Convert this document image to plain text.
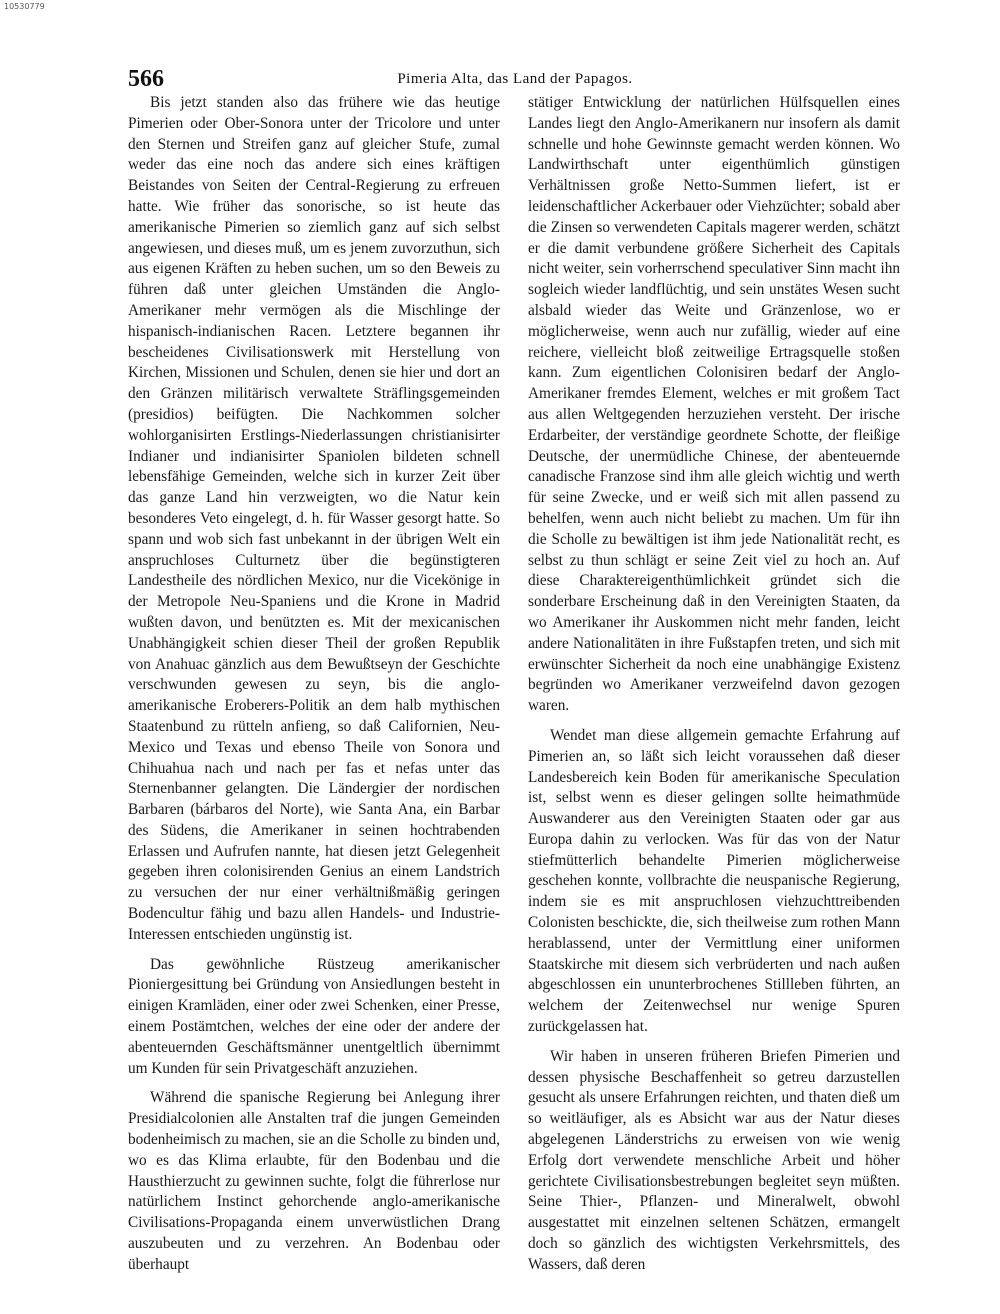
10530779
566	Pimeria Alta, das Land der Papagos.

Bis jetzt standen also das frühere wie das heutige Pimerien oder Ober-Sonora unter der Tricolore und unter den Sternen und Streifen ganz auf gleicher Stufe, zumal weder das eine noch das andere sich eines kräftigen Beistandes von Seiten der Central-Regierung zu erfreuen hatte. Wie früher das sonorische, so ist heute das amerikanische Pimerien so ziemlich ganz auf sich selbst angewiesen, und dieses muß, um es jenem zuvorzuthun, sich aus eigenen Kräften zu heben suchen, um so den Beweis zu führen daß unter gleichen Umständen die Anglo-Amerikaner mehr vermögen als die Mischlinge der hispanisch-indianischen Racen. Letztere begannen ihr bescheidenes Civilisationswerk mit Herstellung von Kirchen, Missionen und Schulen, denen sie hier und dort an den Gränzen militärisch verwaltete Sträflingsgemeinden (presidios) beifügten. Die Nachkommen solcher wohlorganisirten Erstlings-Niederlassungen christianisirter Indianer und indianisirter Spaniolen bildeten schnell lebensfähige Gemeinden, welche sich in kurzer Zeit über das ganze Land hin verzweigten, wo die Natur kein besonderes Veto eingelegt, d. h. für Wasser gesorgt hatte. So spann und wob sich fast unbekannt in der übrigen Welt ein anspruchloses Culturnetz über die begünstigteren Landestheile des nördlichen Mexico, nur die Vicekönige in der Metropole Neu-Spaniens und die Krone in Madrid wußten davon, und benützten es. Mit der mexicanischen Unabhängigkeit schien dieser Theil der großen Republik von Anahuac gänzlich aus dem Bewußtseyn der Geschichte verschwunden gewesen zu seyn, bis die anglo-amerikanische Eroberers-Politik an dem halb mythischen Staatenbund zu rütteln anfieng, so daß Californien, Neu-Mexico und Texas und ebenso Theile von Sonora und Chihuahua nach und nach per fas et nefas unter das Sternenbanner gelangten. Die Ländergier der nordischen Barbaren (bárbaros del Norte), wie Santa Ana, ein Barbar des Südens, die Amerikaner in seinen hochtrabenden Erlassen und Aufrufen nannte, hat diesen jetzt Gelegenheit gegeben ihren colonisirenden Genius an einem Landstrich zu versuchen der nur einer verhältnißmäßig geringen Bodencultur fähig und bazu allen Handels- und Industrie-Interessen entschieden ungünstig ist.

Das gewöhnliche Rüstzeug amerikanischer Pioniergesittung bei Gründung von Ansiedlungen besteht in einigen Kramläden, einer oder zwei Schenken, einer Presse, einem Postämtchen, welches der eine oder der andere der abenteuernden Geschäftsmänner unentgeltlich übernimmt um Kunden für sein Privatgeschäft anzuziehen.

Während die spanische Regierung bei Anlegung ihrer Presidialcolonien alle Anstalten traf die jungen Gemeinden bodenheimisch zu machen, sie an die Scholle zu binden und, wo es das Klima erlaubte, für den Bodenbau und die Hausthierzucht zu gewinnen suchte, folgt die führerlose nur natürlichem Instinct gehorchende anglo-amerikanische Civilisations-Propaganda einem unverwüstlichen Drang auszubeuten und zu verzehren. An Bodenbau oder überhaupt

stätiger Entwicklung der natürlichen Hülfsquellen eines Landes liegt den Anglo-Amerikanern nur insofern als damit schnelle und hohe Gewinnste gemacht werden können. Wo Landwirthschaft unter eigenthümlich günstigen Verhältnissen große Netto-Summen liefert, ist er leidenschaftlicher Ackerbauer oder Viehzüchter; sobald aber die Zinsen so verwendeten Capitals magerer werden, schätzt er die damit verbundene größere Sicherheit des Capitals nicht weiter, sein vorherrschend speculativer Sinn macht ihn sogleich wieder landflüchtig, und sein unstätes Wesen sucht alsbald wieder das Weite und Gränzenlose, wo er möglicherweise, wenn auch nur zufällig, wieder auf eine reichere, vielleicht bloß zeitweilige Ertragsquelle stoßen kann. Zum eigentlichen Colonisiren bedarf der Anglo-Amerikaner fremdes Element, welches er mit großem Tact aus allen Weltgegenden herzuziehen versteht. Der irische Erdarbeiter, der verständige geordnete Schotte, der fleißige Deutsche, der unermüdliche Chinese, der abenteuernde canadische Franzose sind ihm alle gleich wichtig und werth für seine Zwecke, und er weiß sich mit allen passend zu behelfen, wenn auch nicht beliebt zu machen. Um für ihn die Scholle zu bewältigen ist ihm jede Nationalität recht, es selbst zu thun schlägt er seine Zeit viel zu hoch an. Auf diese Charaktereigenthümlichkeit gründet sich die sonderbare Erscheinung daß in den Vereinigten Staaten, da wo Amerikaner ihr Auskommen nicht mehr fanden, leicht andere Nationalitäten in ihre Fußstapfen treten, und sich mit erwünschter Sicherheit da noch eine unabhängige Existenz begründen wo Amerikaner verzweifelnd davon gezogen waren.

Wendet man diese allgemein gemachte Erfahrung auf Pimerien an, so läßt sich leicht voraussehen daß dieser Landesbereich kein Boden für amerikanische Speculation ist, selbst wenn es dieser gelingen sollte heimathmüde Auswanderer aus den Vereinigten Staaten oder gar aus Europa dahin zu verlocken. Was für das von der Natur stiefmütterlich behandelte Pimerien möglicherweise geschehen konnte, vollbrachte die neuspanische Regierung, indem sie es mit anspruchlosen viehzuchttreibenden Colonisten beschickte, die, sich theilweise zum rothen Mann herablassend, unter der Vermittlung einer uniformen Staatskirche mit diesem sich verbrüderten und nach außen abgeschlossen ein ununterbrochenes Stillleben führten, an welchem der Zeitenwechsel nur wenige Spuren zurückgelassen hat.

Wir haben in unseren früheren Briefen Pimerien und dessen physische Beschaffenheit so getreu darzustellen gesucht als unsere Erfahrungen reichten, und thaten dieß um so weitläufiger, als es Absicht war aus der Natur dieses abgelegenen Länderstrichs zu erweisen von wie wenig Erfolg dort verwendete menschliche Arbeit und höher gerichtete Civilisationsbestrebungen begleitet seyn müßten. Seine Thier-, Pflanzen- und Mineralwelt, obwohl ausgestattet mit einzelnen seltenen Schätzen, ermangelt doch so gänzlich des wichtigsten Verkehrsmittels, des Wassers, daß deren
